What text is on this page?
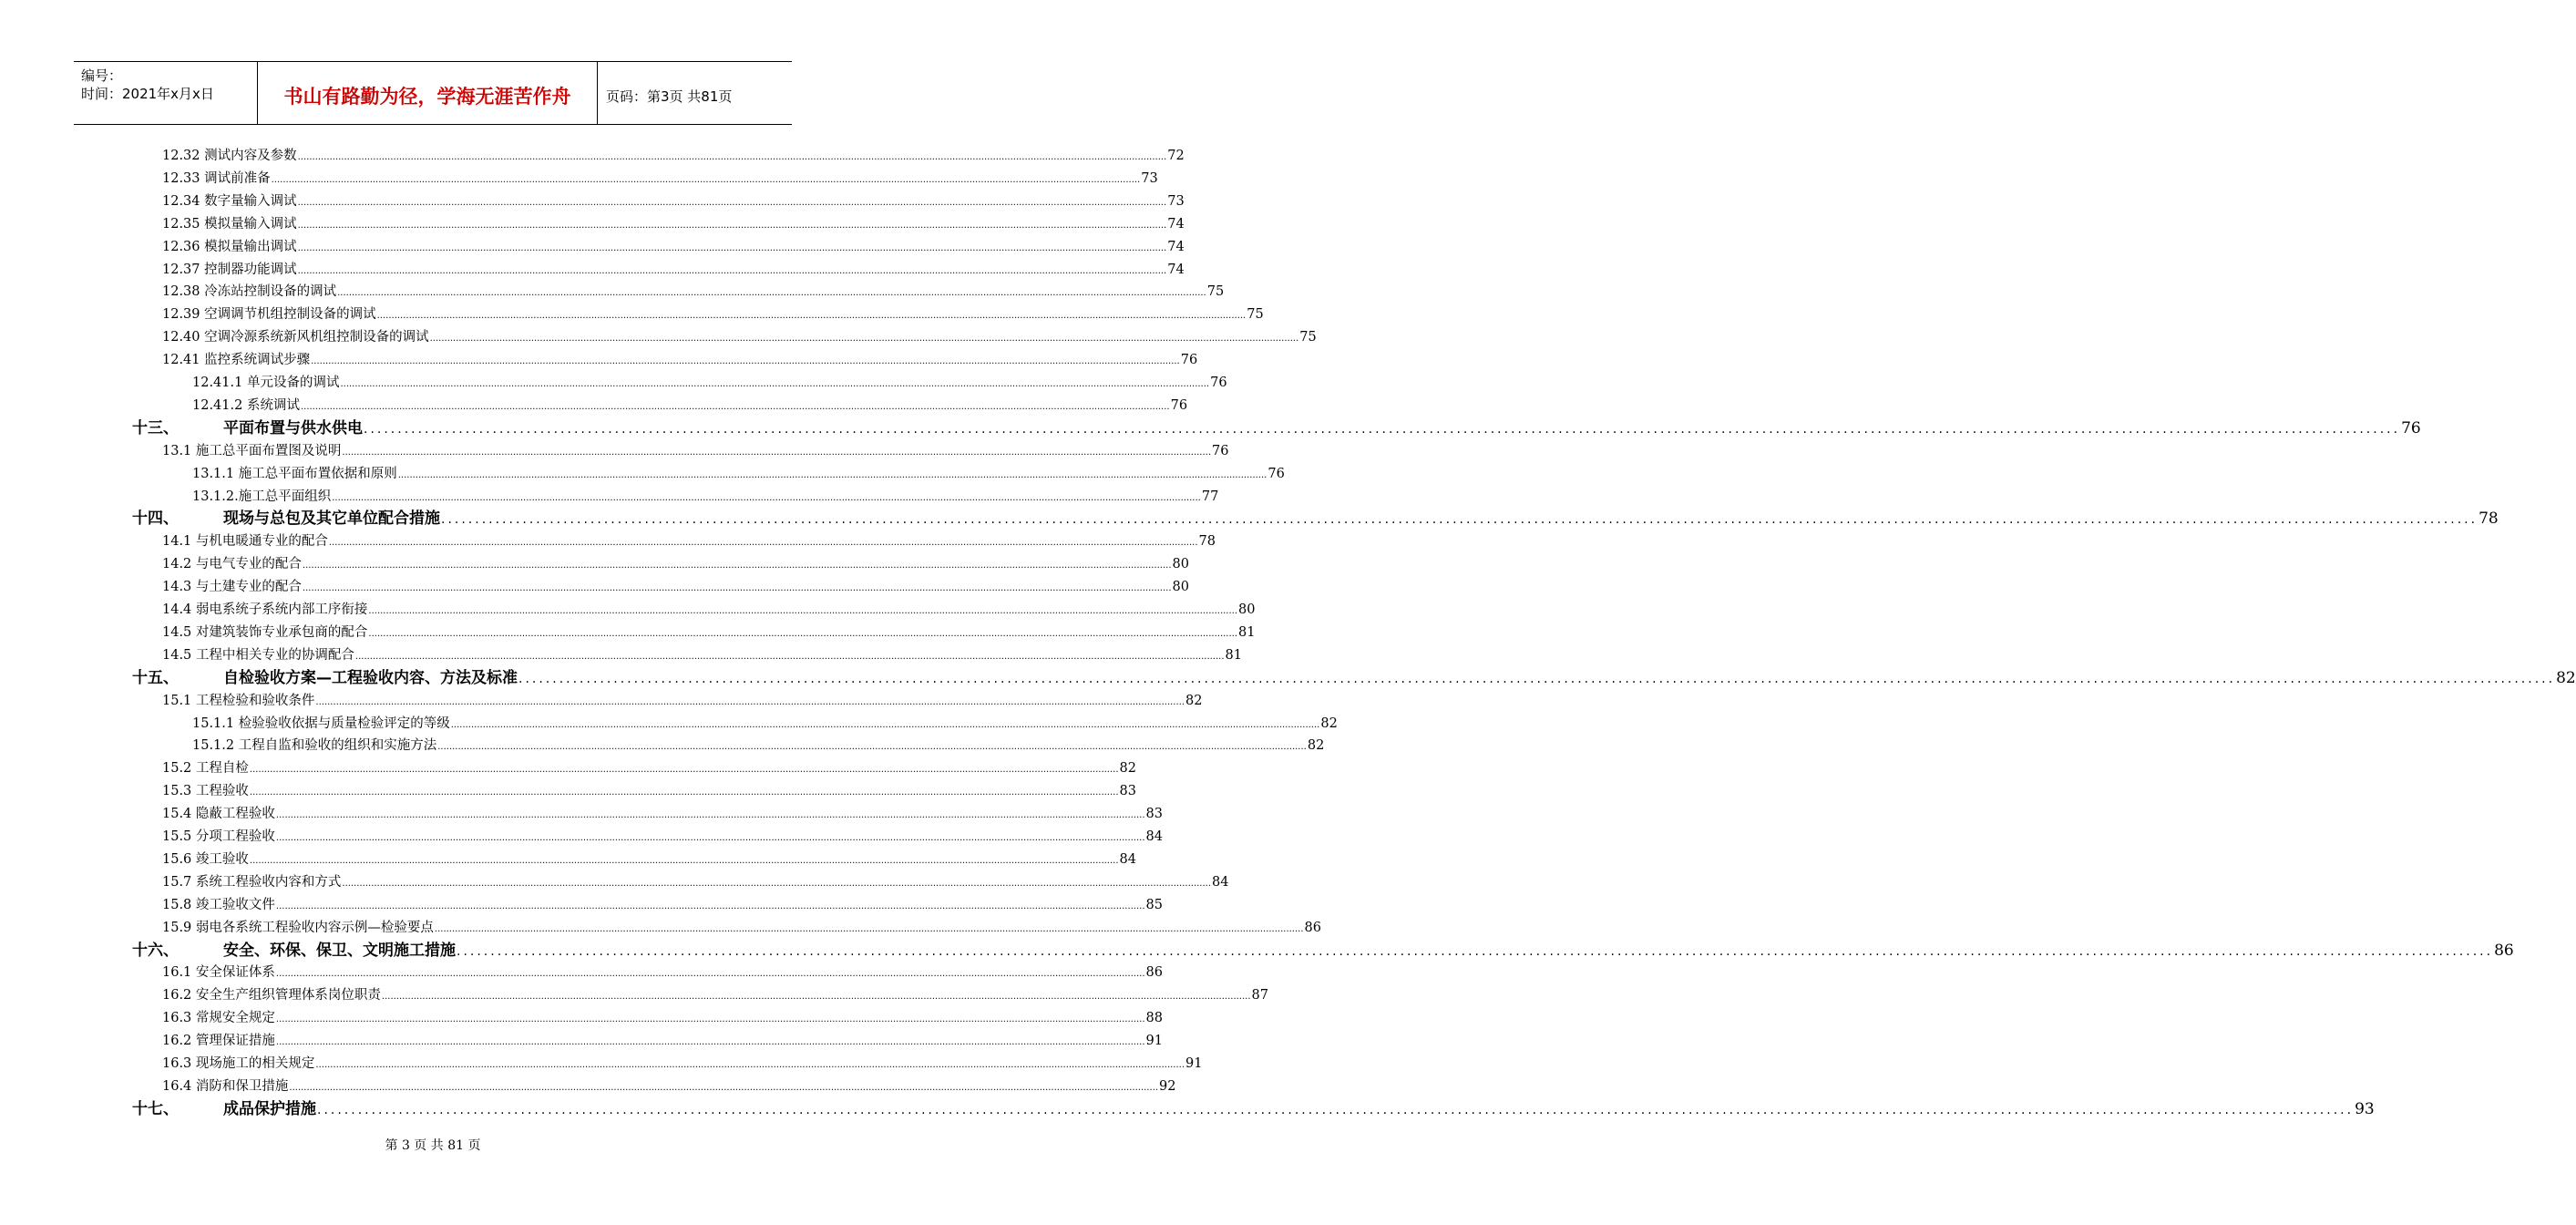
编号：
时间：2021年x月x日	书山有路勤为径，学海无涯苦作舟	页码：第3页 共81页
12.32 测试内容及参数 ............................................................................................................................................................................................................................................................................................................ 72
12.33 调试前准备 ............................................................................................................................................................................................................................................................................................................ 73
12.34 数字量输入调试 ............................................................................................................................................................................................................................................................................................................ 73
12.35 模拟量输入调试 ............................................................................................................................................................................................................................................................................................................ 74
12.36 模拟量输出调试 ............................................................................................................................................................................................................................................................................................................ 74
12.37 控制器功能调试 ............................................................................................................................................................................................................................................................................................................ 74
12.38 冷冻站控制设备的调试 ............................................................................................................................................................................................................................................................................................................ 75
12.39 空调调节机组控制设备的调试 ............................................................................................................................................................................................................................................................................................................ 75
12.40 空调冷源系统新风机组控制设备的调试 ............................................................................................................................................................................................................................................................................................................ 75
12.41 监控系统调试步骤 ............................................................................................................................................................................................................................................................................................................ 76
12.41.1 单元设备的调试 ............................................................................................................................................................................................................................................................................................................ 76
12.41.2 系统调试 ............................................................................................................................................................................................................................................................................................................ 76
十三、	平面布置与供水供电 ............................................................................................................................................................................................................................................................................................................ 76
13.1 施工总平面布置图及说明 ............................................................................................................................................................................................................................................................................................................ 76
13.1.1 施工总平面布置依据和原则 ............................................................................................................................................................................................................................................................................................................ 76
13.1.2.施工总平面组织 ............................................................................................................................................................................................................................................................................................................ 77
十四、	现场与总包及其它单位配合措施 ............................................................................................................................................................................................................................................................................................................ 78
14.1 与机电暖通专业的配合 ............................................................................................................................................................................................................................................................................................................ 78
14.2 与电气专业的配合 ............................................................................................................................................................................................................................................................................................................ 80
14.3 与土建专业的配合 ............................................................................................................................................................................................................................................................................................................ 80
14.4 弱电系统子系统内部工序衔接 ............................................................................................................................................................................................................................................................................................................ 80
14.5 对建筑装饰专业承包商的配合 ............................................................................................................................................................................................................................................................................................................ 81
14.5 工程中相关专业的协调配合 ............................................................................................................................................................................................................................................................................................................ 81
十五、	自检验收方案—工程验收内容、方法及标准 ............................................................................................................................................................................................................................................................................................................ 82
15.1 工程检验和验收条件 ............................................................................................................................................................................................................................................................................................................ 82
15.1.1 检验验收依据与质量检验评定的等级 ............................................................................................................................................................................................................................................................................................................ 82
15.1.2 工程自监和验收的组织和实施方法 ............................................................................................................................................................................................................................................................................................................ 82
15.2 工程自检 ............................................................................................................................................................................................................................................................................................................ 82
15.3 工程验收 ............................................................................................................................................................................................................................................................................................................ 83
15.4 隐蔽工程验收 ............................................................................................................................................................................................................................................................................................................ 83
15.5 分项工程验收 ............................................................................................................................................................................................................................................................................................................ 84
15.6 竣工验收 ............................................................................................................................................................................................................................................................................................................ 84
15.7 系统工程验收内容和方式 ............................................................................................................................................................................................................................................................................................................ 84
15.8 竣工验收文件 ............................................................................................................................................................................................................................................................................................................ 85
15.9 弱电各系统工程验收内容示例—检验要点 ............................................................................................................................................................................................................................................................................................................ 86
十六、	安全、环保、保卫、文明施工措施 ............................................................................................................................................................................................................................................................................................................ 86
16.1 安全保证体系 ............................................................................................................................................................................................................................................................................................................ 86
16.2 安全生产组织管理体系岗位职责 ............................................................................................................................................................................................................................................................................................................ 87
16.3 常规安全规定 ............................................................................................................................................................................................................................................................................................................ 88
16.2 管理保证措施 ............................................................................................................................................................................................................................................................................................................ 91
16.3 现场施工的相关规定 ............................................................................................................................................................................................................................................................................................................ 91
16.4 消防和保卫措施 ............................................................................................................................................................................................................................................................................................................ 92
十七、	成品保护措施 ............................................................................................................................................................................................................................................................................................................ 93
第 3 页 共 81 页
